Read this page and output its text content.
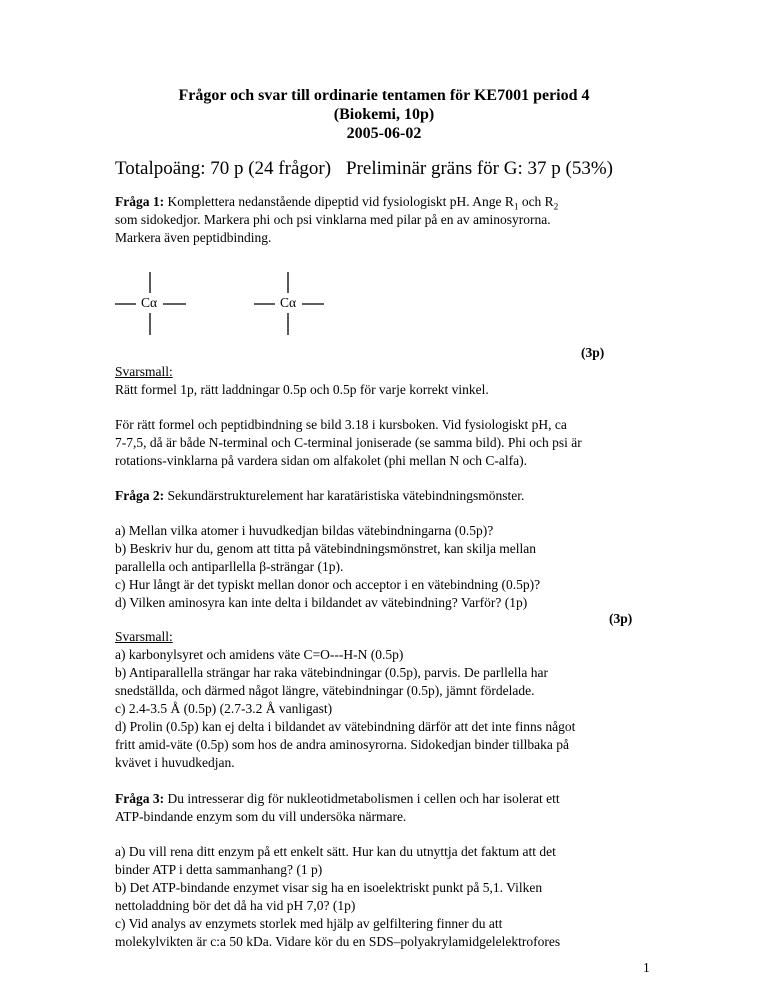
Frågor och svar till ordinarie tentamen för KE7001 period 4
(Biokemi, 10p)
2005-06-02
Totalpoäng: 70 p (24 frågor) Preliminär gräns för G: 37 p (53%)
Fråga 1: Komplettera nedanstående dipeptid vid fysiologiskt pH. Ange $R_1$ och $R_2$
som sidokedjor. Markera phi och psi vinklarna med pilar på en av aminosyrorna.
Markera även peptidbinding.
Cα	Cα
(3p)
Svarsmall:
Rätt formel 1p, rätt laddningar 0.5p och 0.5p för varje korrekt vinkel.
För rätt formel och peptidbindning se bild 3.18 i kursboken. Vid fysiologiskt pH, ca
7-7,5, då är både N-terminal och C-terminal joniserade (se samma bild). Phi och psi är
rotations-vinklarna på vardera sidan om alfakolet (phi mellan N och C-alfa).
Fråga 2: Sekundärstrukturelement har karatäristiska vätebindningsmönster.
a) Mellan vilka atomer i huvudkedjan bildas vätebindningarna (0.5p)?
b) Beskriv hur du, genom att titta på vätebindningsmönstret, kan skilja mellan
parallella och antiparllella β-strängar (1p).
c) Hur långt är det typiskt mellan donor och acceptor i en vätebindning (0.5p)?
d) Vilken aminosyra kan inte delta i bildandet av vätebindning? Varför? (1p)
(3p)
Svarsmall:
a) karbonylsyret och amidens väte C=O---H-N (0.5p)
b) Antiparallella strängar har raka vätebindningar (0.5p), parvis. De parllella har
snedställda, och därmed något längre, vätebindningar (0.5p), jämnt fördelade.
c) 2.4-3.5 Å (0.5p) (2.7-3.2 Å vanligast)
d) Prolin (0.5p) kan ej delta i bildandet av vätebindning därför att det inte finns något
fritt amid-väte (0.5p) som hos de andra aminosyrorna. Sidokedjan binder tillbaka på
kvävet i huvudkedjan.
Fråga 3: Du intresserar dig för nukleotidmetabolismen i cellen och har isolerat ett
ATP-bindande enzym som du vill undersöka närmare.
a) Du vill rena ditt enzym på ett enkelt sätt. Hur kan du utnyttja det faktum att det
binder ATP i detta sammanhang? (1 p)
b) Det ATP-bindande enzymet visar sig ha en isoelektriskt punkt på 5,1. Vilken
nettoladdning bör det då ha vid pH 7,0? (1p)
c) Vid analys av enzymets storlek med hjälp av gelfiltering finner du att
molekylvikten är c:a 50 kDa. Vidare kör du en SDS–polyakrylamidgelelektrofores
1
